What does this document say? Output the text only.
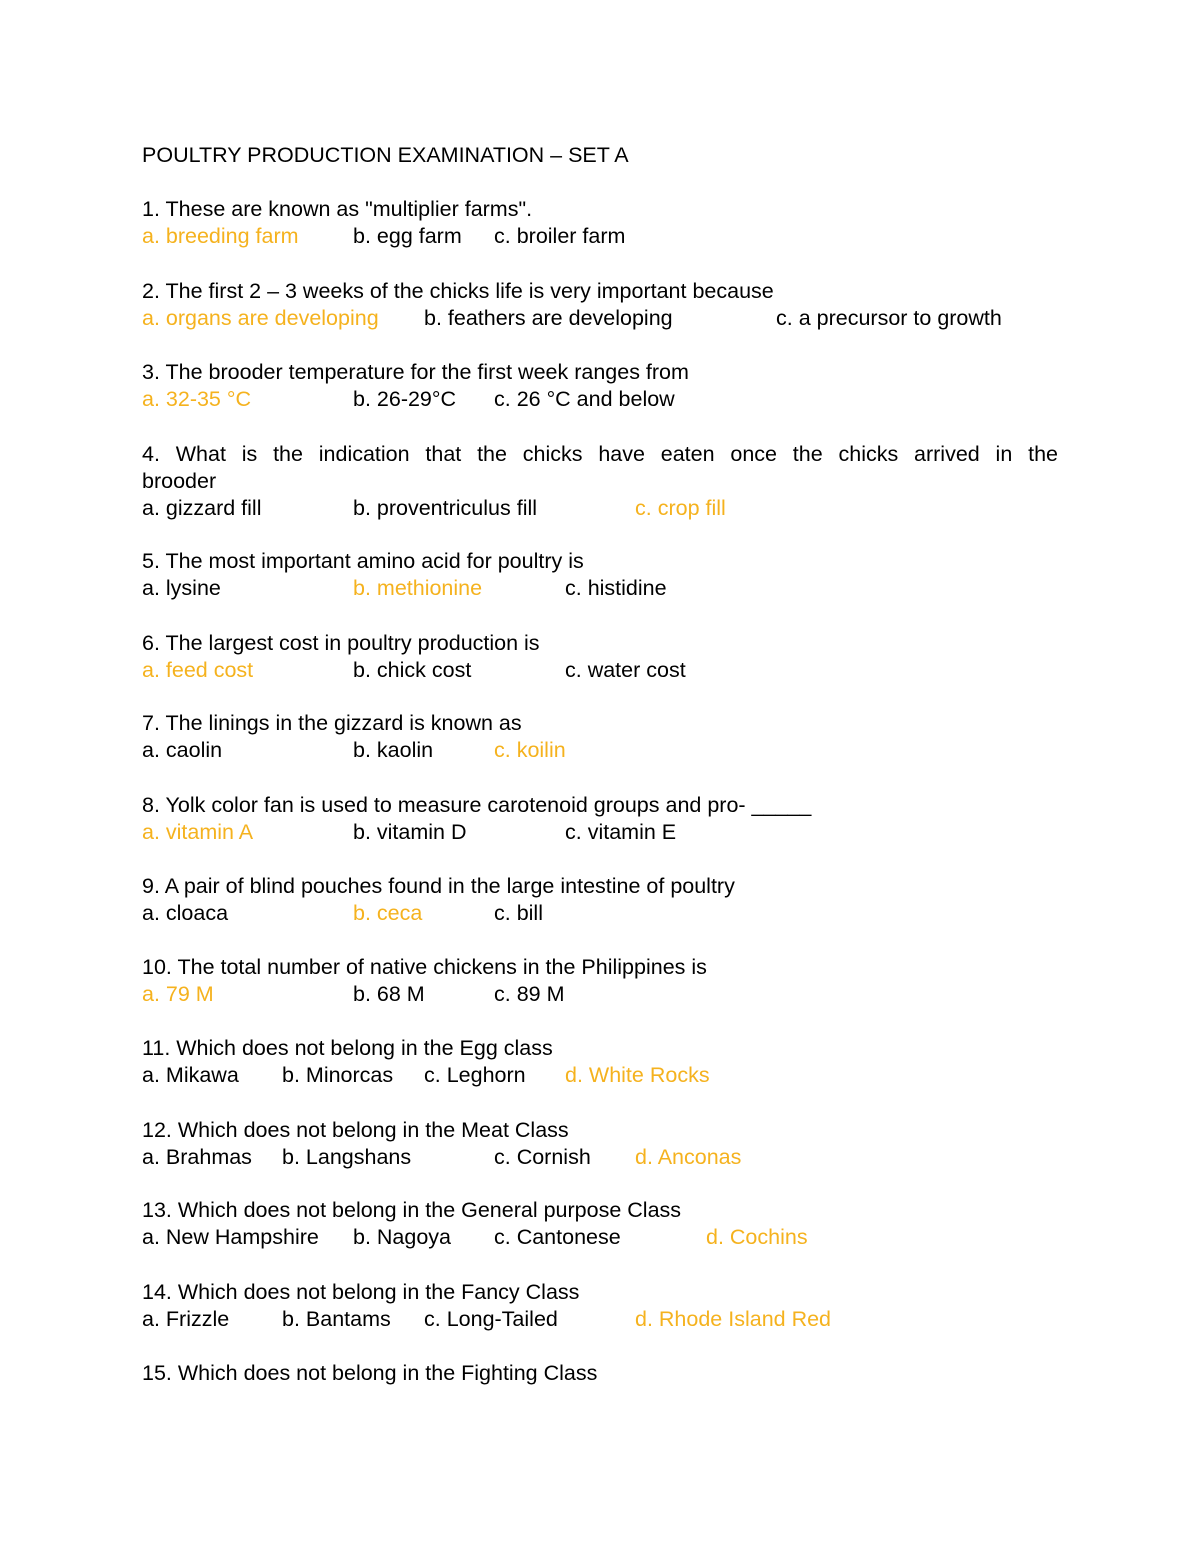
POULTRY PRODUCTION EXAMINATION – SET A

1. These are known as "multiplier farms".

a. breeding farm	b. egg farm c. broiler farm

2. The first 2 – 3 weeks of the chicks life is very important because

a. organs are developing b. feathers are developing	c. a precursor to growth

3. The brooder temperature for the first week ranges from

a. 32-35 °C	b. 26-29°C c. 26 °C and below

4. What is the indication that the chicks have eaten once the chicks arrived in the

brooder

a. gizzard fill	b. proventriculus fill	c. crop fill

5. The most important amino acid for poultry is

a. lysine	b. methionine	c. histidine

6. The largest cost in poultry production is

a. feed cost	b. chick cost	c. water cost

7. The linings in the gizzard is known as

a. caolin	b. kaolin	c. koilin

8. Yolk color fan is used to measure carotenoid groups and pro- _____

a. vitamin A	b. vitamin D	c. vitamin E

9. A pair of blind pouches found in the large intestine of poultry

a. cloaca	b. ceca	c. bill

10. The total number of native chickens in the Philippines is

a. 79 M	b. 68 M	c. 89 M

11. Which does not belong in the Egg class

a. Mikawa b. Minorcas c. Leghorn d. White Rocks

12. Which does not belong in the Meat Class

a. Brahmas b. Langshans	c. Cornish d. Anconas

13. Which does not belong in the General purpose Class

a. New Hampshire b. Nagoya c. Cantonese	d. Cochins

14. Which does not belong in the Fancy Class

a. Frizzle b. Bantams c. Long-Tailed	d. Rhode Island Red

15. Which does not belong in the Fighting Class
